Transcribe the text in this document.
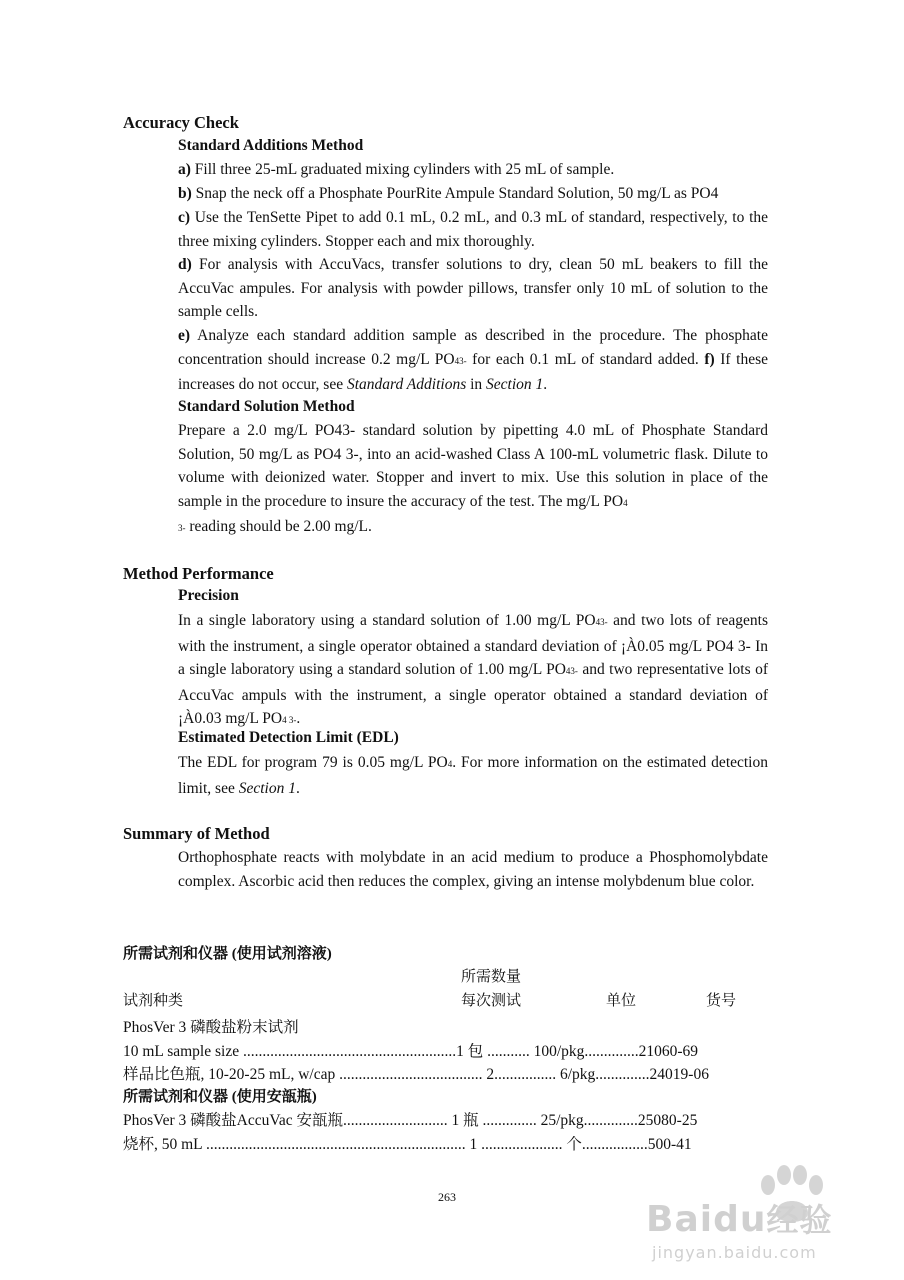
Accuracy Check
Standard Additions Method
a) Fill three 25-mL graduated mixing cylinders with 25 mL of sample.
b) Snap the neck off a Phosphate PourRite Ampule Standard Solution, 50 mg/L as PO4
c) Use the TenSette Pipet to add 0.1 mL, 0.2 mL, and 0.3 mL of standard, respectively, to the three mixing cylinders. Stopper each and mix thoroughly.
d) For analysis with AccuVacs, transfer solutions to dry, clean 50 mL beakers to fill the AccuVac ampules. For analysis with powder pillows, transfer only 10 mL of solution to the sample cells.
e) Analyze each standard addition sample as described in the procedure. The phosphate concentration should increase 0.2 mg/L PO43- for each 0.1 mL of standard added. f) If these increases do not occur, see Standard Additions in Section 1.
Standard Solution Method
Prepare a 2.0 mg/L PO43- standard solution by pipetting 4.0 mL of Phosphate Standard Solution, 50 mg/L as PO4 3-, into an acid-washed Class A 100-mL volumetric flask. Dilute to volume with deionized water. Stopper and invert to mix. Use this solution in place of the sample in the procedure to insure the accuracy of the test. The mg/L PO4
3- reading should be 2.00 mg/L.
Method Performance
Precision
In a single laboratory using a standard solution of 1.00 mg/L PO43- and two lots of reagents with the instrument, a single operator obtained a standard deviation of ¡À0.05 mg/L PO4 3- In a single laboratory using a standard solution of 1.00 mg/L PO43- and two representative lots of AccuVac ampuls with the instrument, a single operator obtained a standard deviation of ¡À0.03 mg/L PO4 3-.
Estimated Detection Limit (EDL)
The EDL for program 79 is 0.05 mg/L PO4. For more information on the estimated detection limit, see Section 1.
Summary of Method
Orthophosphate reacts with molybdate in an acid medium to produce a Phosphomolybdate complex. Ascorbic acid then reduces the complex, giving an intense molybdenum blue color.
所需试剂和仪器 (使用试剂溶液)
所需数量
试剂种类	每次测试	单位	货号
PhosVer 3 磷酸盐粉末试剂
10 mL sample size .......................................................1 包 ........... 100/pkg..............21060-69
样品比色瓶, 10-20-25 mL, w/cap ..................................... 2................ 6/pkg..............24019-06
所需试剂和仪器 (使用安瓿瓶)
PhosVer 3 磷酸盐AccuVac 安瓿瓶........................... 1 瓶 .............. 25/pkg..............25080-25
烧杯, 50 mL ................................................................... 1 ..................... 个.................500-41
263
Baidu经验
jingyan.baidu.com
